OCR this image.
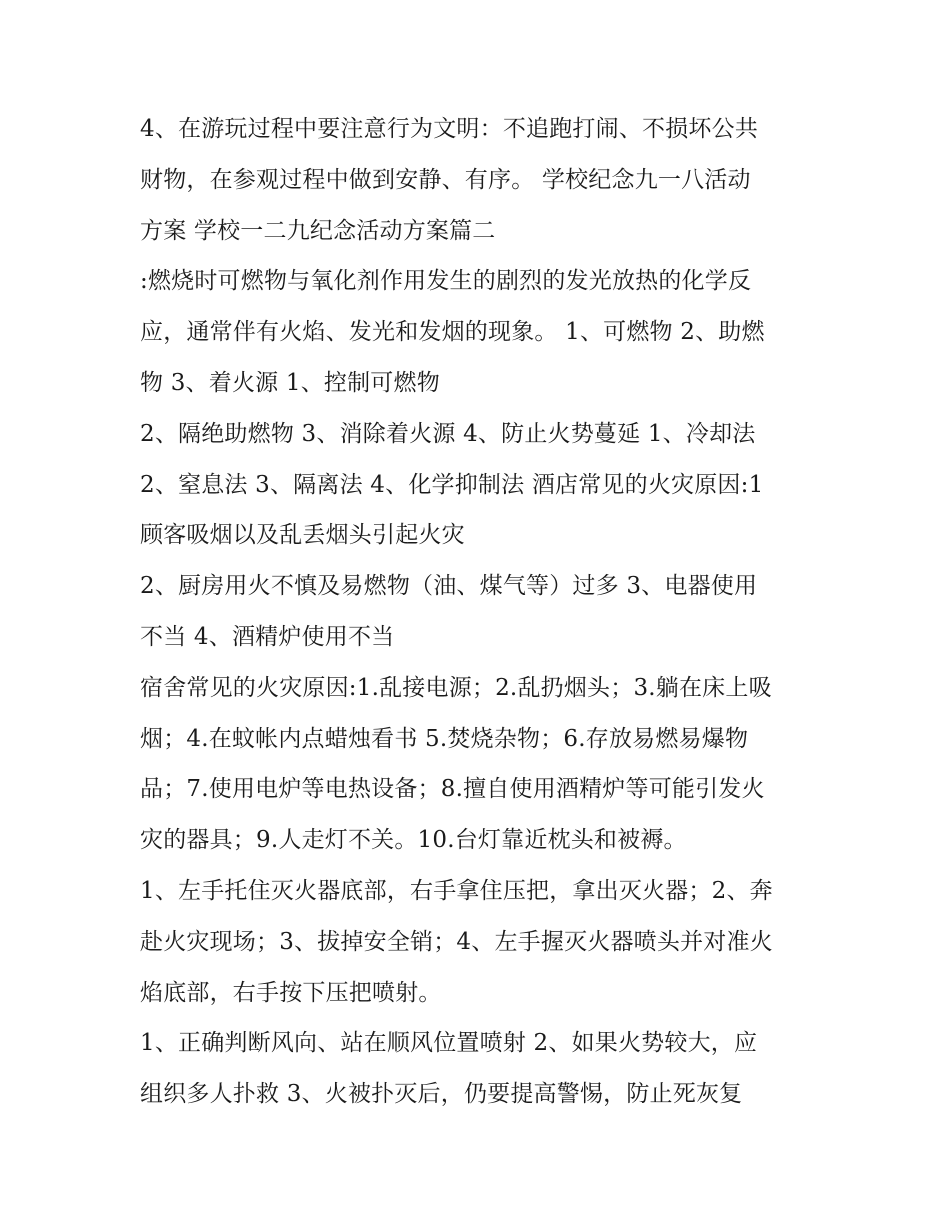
4、在游玩过程中要注意行为文明：不追跑打闹、不损坏公共
财物，在参观过程中做到安静、有序。 学校纪念九一八活动
方案 学校一二九纪念活动方案篇二
:燃烧时可燃物与氧化剂作用发生的剧烈的发光放热的化学反
应，通常伴有火焰、发光和发烟的现象。 1、可燃物 2、助燃
物 3、着火源 1、控制可燃物
2、隔绝助燃物 3、消除着火源 4、防止火势蔓延 1、冷却法
2、窒息法 3、隔离法 4、化学抑制法 酒店常见的火灾原因:1
顾客吸烟以及乱丢烟头引起火灾
2、厨房用火不慎及易燃物（油、煤气等）过多 3、电器使用
不当 4、酒精炉使用不当
宿舍常见的火灾原因:1.乱接电源；2.乱扔烟头；3.躺在床上吸
烟；4.在蚊帐内点蜡烛看书 5.焚烧杂物；6.存放易燃易爆物
品；7.使用电炉等电热设备；8.擅自使用酒精炉等可能引发火
灾的器具；9.人走灯不关。10.台灯靠近枕头和被褥。
1、左手托住灭火器底部，右手拿住压把，拿出灭火器；2、奔
赴火灾现场；3、拔掉安全销；4、左手握灭火器喷头并对准火
焰底部，右手按下压把喷射。
1、正确判断风向、站在顺风位置喷射 2、如果火势较大，应
组织多人扑救 3、火被扑灭后，仍要提高警惕，防止死灰复
